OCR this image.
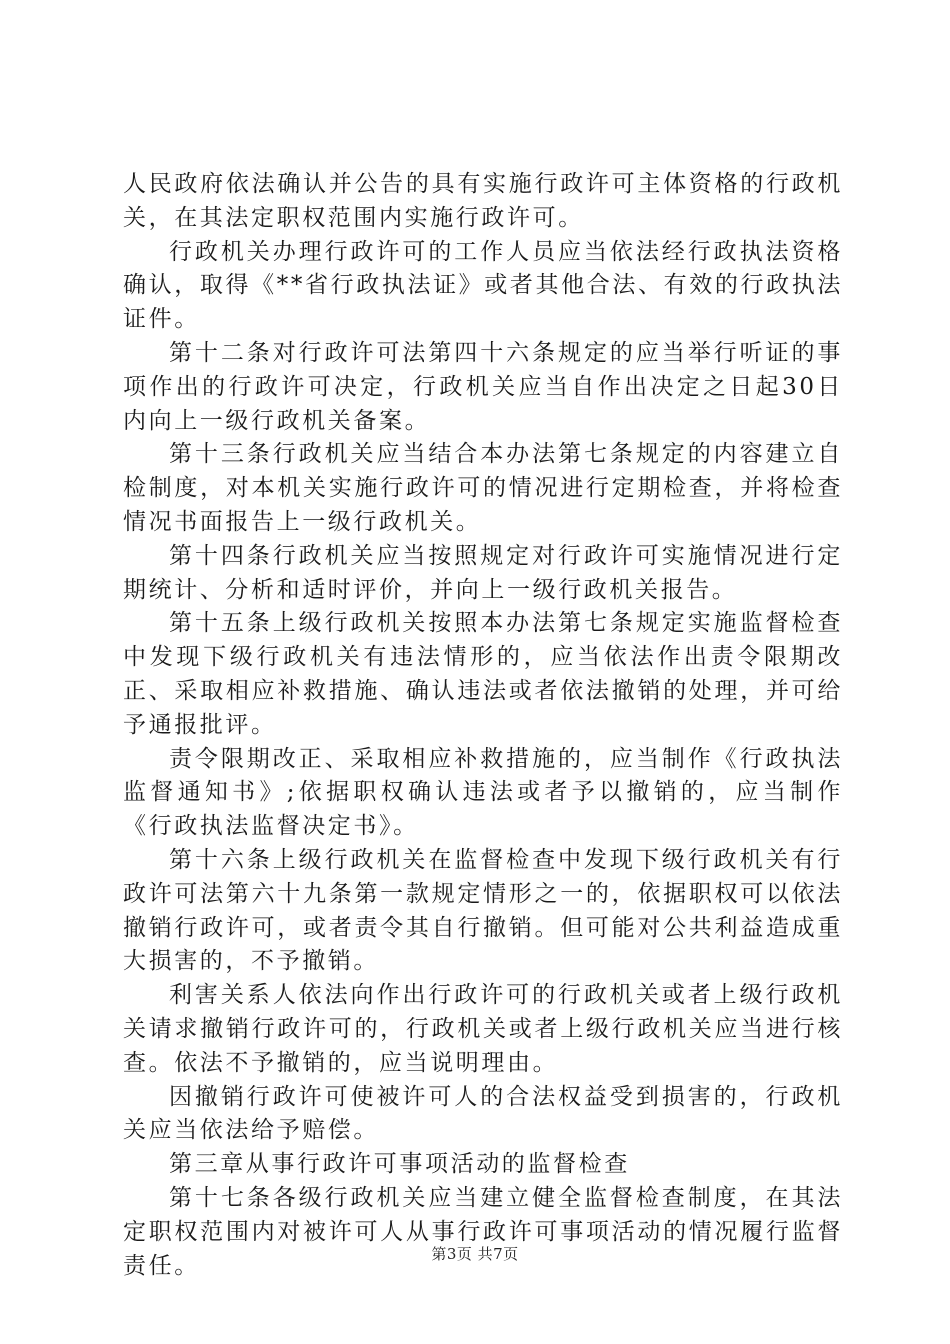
人民政府依法确认并公告的具有实施行政许可主体资格的行政机关，在其法定职权范围内实施行政许可。

行政机关办理行政许可的工作人员应当依法经行政执法资格确认，取得《**省行政执法证》或者其他合法、有效的行政执法证件。

第十二条对行政许可法第四十六条规定的应当举行听证的事项作出的行政许可决定，行政机关应当自作出决定之日起30日内向上一级行政机关备案。

第十三条行政机关应当结合本办法第七条规定的内容建立自检制度，对本机关实施行政许可的情况进行定期检查，并将检查情况书面报告上一级行政机关。

第十四条行政机关应当按照规定对行政许可实施情况进行定期统计、分析和适时评价，并向上一级行政机关报告。

第十五条上级行政机关按照本办法第七条规定实施监督检查中发现下级行政机关有违法情形的，应当依法作出责令限期改正、采取相应补救措施、确认违法或者依法撤销的处理，并可给予通报批评。

责令限期改正、采取相应补救措施的，应当制作《行政执法监督通知书》;依据职权确认违法或者予以撤销的，应当制作《行政执法监督决定书》。

第十六条上级行政机关在监督检查中发现下级行政机关有行政许可法第六十九条第一款规定情形之一的，依据职权可以依法撤销行政许可，或者责令其自行撤销。但可能对公共利益造成重大损害的，不予撤销。

利害关系人依法向作出行政许可的行政机关或者上级行政机关请求撤销行政许可的，行政机关或者上级行政机关应当进行核查。依法不予撤销的，应当说明理由。

因撤销行政许可使被许可人的合法权益受到损害的，行政机关应当依法给予赔偿。

第三章从事行政许可事项活动的监督检查

第十七条各级行政机关应当建立健全监督检查制度，在其法定职权范围内对被许可人从事行政许可事项活动的情况履行监督责任。	第3页 共7页
